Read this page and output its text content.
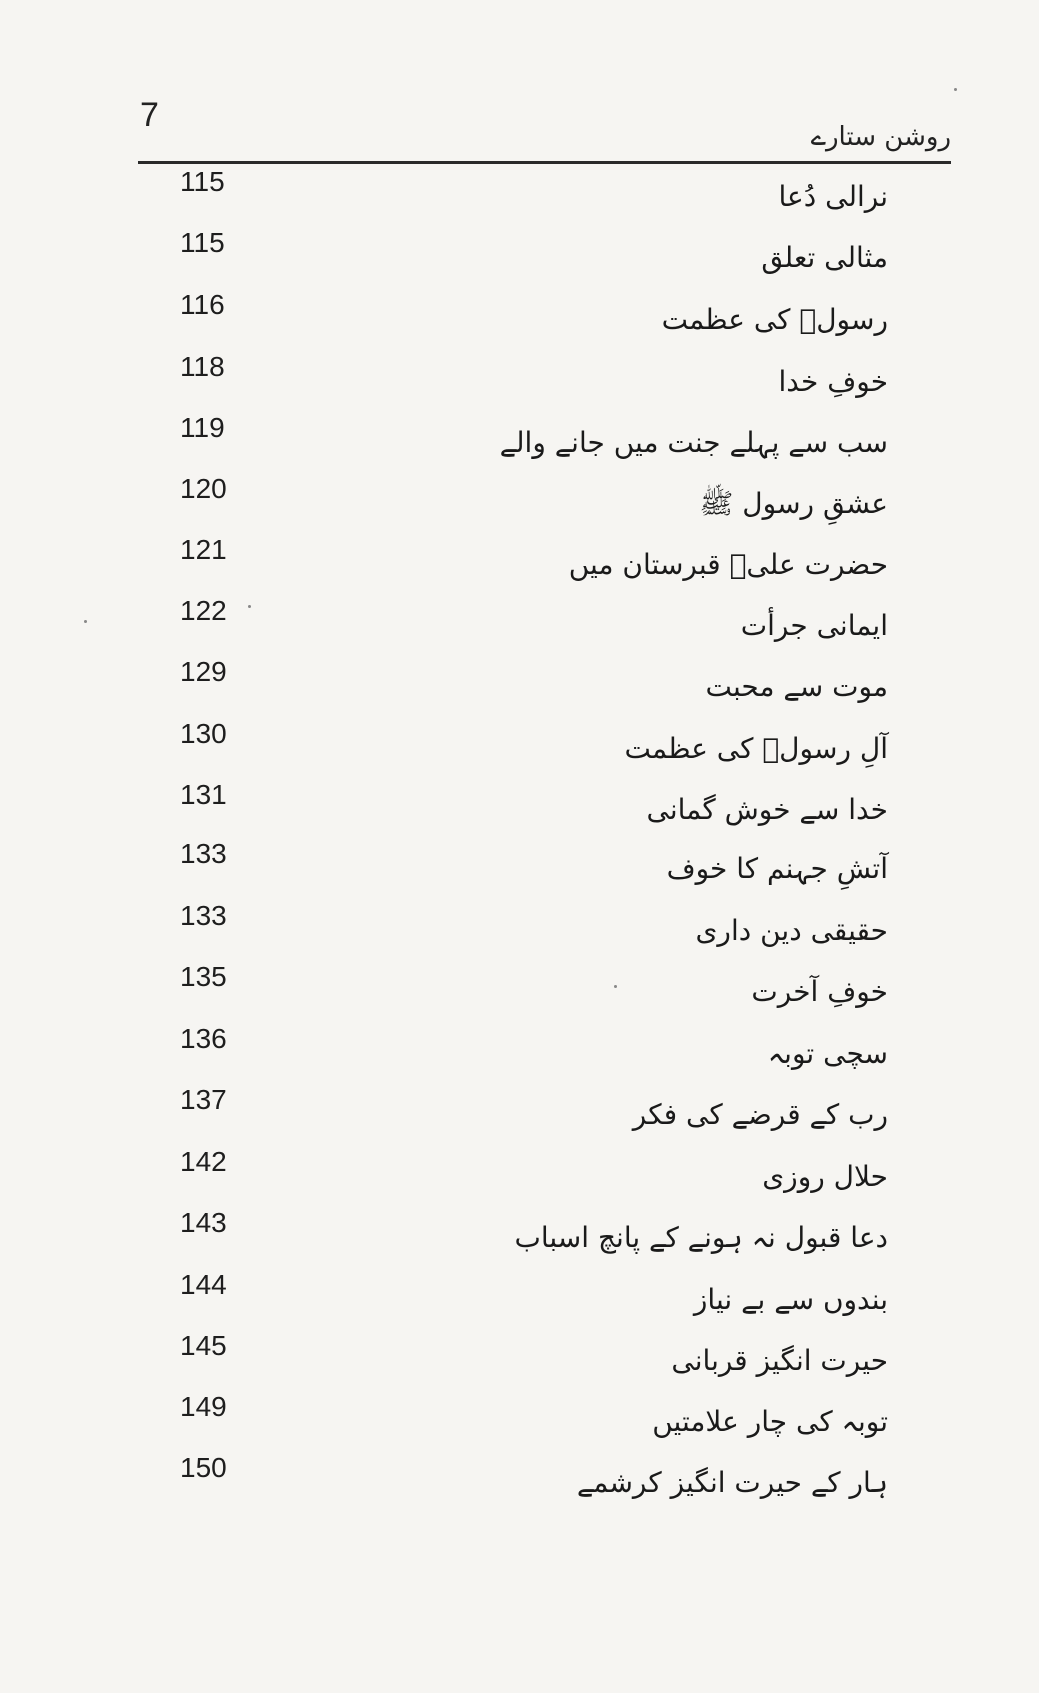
7
روشن ستارے
115	نرالی دُعا
115	مثالی تعلق
116	رسولؐ کی عظمت
118	خوفِ خدا
119	سب سے پہلے جنت میں جانے والے
120	عشقِ رسول ﷺ
121	حضرت علیؓ قبرستان میں
122	ایمانی جرأت
129	موت سے محبت
130	آلِ رسولؐ کی عظمت
131	خدا سے خوش گمانی
133	آتشِ جہنم کا خوف
133	حقیقی دین داری
135	خوفِ آخرت
136	سچی توبہ
137	رب کے قرضے کی فکر
142	حلال روزی
143	دعا قبول نہ ہونے کے پانچ اسباب
144	بندوں سے بے نیاز
145	حیرت انگیز قربانی
149	توبہ کی چار علامتیں
150	ہار کے حیرت انگیز کرشمے
